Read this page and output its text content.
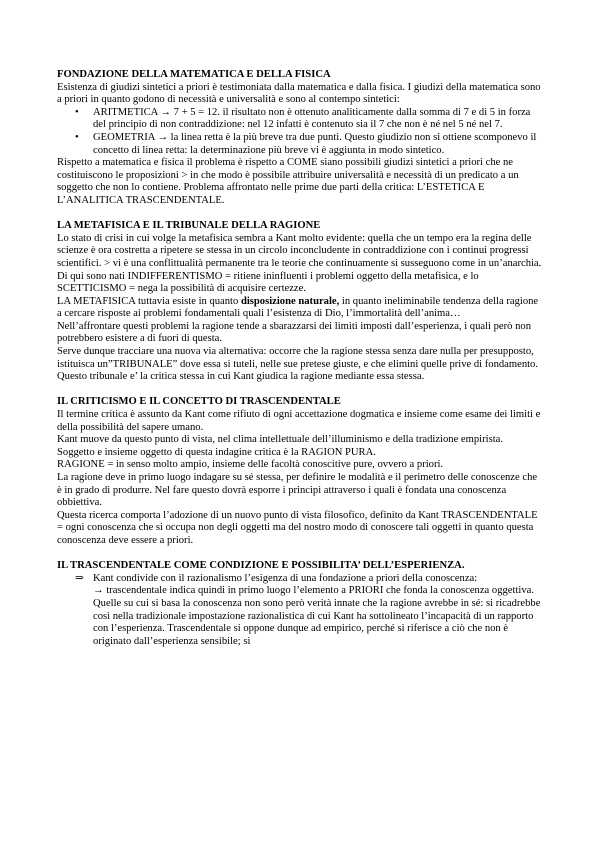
FONDAZIONE DELLA MATEMATICA E DELLA FISICA

Esistenza di giudizi sintetici a priori è testimoniata dalla matematica e dalla fisica. I giudizi della matematica sono a priori in quanto godono di necessità e universalità e sono al contempo sintetici:

• ARITMETICA → 7 + 5 = 12. il risultato non è ottenuto analiticamente dalla somma di 7 e di 5 in forza del principio di non contraddizione: nel 12 infatti è contenuto sia il 7 che non è né nel 5 né nel 7.
• GEOMETRIA → la linea retta è la più breve tra due punti. Questo giudizio non si ottiene scomponevo il concetto di linea retta: la determinazione più breve vi è aggiunta in modo sintetico.

Rispetto a matematica e fisica il problema è rispetto a COME siano possibili giudizi sintetici a priori che ne costituiscono le proposizioni > in che modo è possibile attribuire universalità e necessità di un predicato a un soggetto che non lo contiene. Problema affrontato nelle prime due parti della critica: L’ESTETICA E L’ANALITICA TRASCENDENTALE.

LA METAFISICA E IL TRIBUNALE DELLA RAGIONE

Lo stato di crisi in cui volge la metafisica sembra a Kant molto evidente: quella che un tempo era la regina delle scienze è ora costretta a ripetere se stessa in un circolo inconcludente in contraddizione con i continui progressi scientifici. > vi è una conflittualità permanente tra le teorie che continuamente si susseguono come in un’anarchia. Di qui sono nati INDIFFERENTISMO = ritiene ininfluenti i problemi oggetto della metafisica, e lo SCETTICISMO = nega la possibilità di acquisire certezze.

LA METAFISICA tuttavia esiste in quanto disposizione naturale, in quanto ineliminabile tendenza della ragione a cercare risposte ai problemi fondamentali quali l’esistenza di Dio, l’immortalità dell’anima…

Nell’affrontare questi problemi la ragione tende a sbarazzarsi dei limiti imposti dall’esperienza, i quali però non potrebbero esistere a di fuori di questa.

Serve dunque tracciare una nuova via alternativa: occorre che la ragione stessa senza dare nulla per presupposto, istituisca un”TRIBUNALE” dove essa si tuteli, nelle sue pretese giuste, e che elimini quelle prive di fondamento.

Questo tribunale e’ la critica stessa in cui Kant giudica la ragione mediante essa stessa.

IL CRITICISMO E IL CONCETTO DI TRASCENDENTALE

Il termine critica è assunto da Kant come rifiuto di ogni accettazione dogmatica e insieme come esame dei limiti e della possibilità del sapere umano.

Kant muove da questo punto di vista, nel clima intellettuale dell’illuminismo e della tradizione empirista. Soggetto e insieme oggetto di questa indagine critica è la RAGION PURA.

RAGIONE = in senso molto ampio, insieme delle facoltà conoscitive pure, ovvero a priori.

La ragione deve in primo luogo indagare su sé stessa, per definire le modalità e il perimetro delle conoscenze che è in grado di produrre. Nel fare questo dovrà esporre i principi attraverso i quali è fondata una conoscenza obbiettiva.

Questa ricerca comporta l’adozione di un nuovo punto di vista filosofico, definito da Kant TRASCENDENTALE = ogni conoscenza che si occupa non degli oggetti ma del nostro modo di conoscere tali oggetti in quanto questa conoscenza deve essere a priori.

IL TRASCENDENTALE COME CONDIZIONE E POSSIBILITA’ DELL’ESPERIENZA.

⇒ Kant condivide con il razionalismo l’esigenza di una fondazione a priori della conoscenza:

→ trascendentale indica quindi in primo luogo l’elemento a PRIORI che fonda la conoscenza oggettiva. Quelle su cui si basa la conoscenza non sono però verità innate che la ragione avrebbe in sé: si ricadrebbe così nella tradizionale impostazione razionalistica di cui Kant ha sottolineato l’incapacità di un rapporto con l’esperienza. Trascendentale si oppone dunque ad empirico, perché si riferisce a ciò che non è originato dall’esperienza sensibile; si
